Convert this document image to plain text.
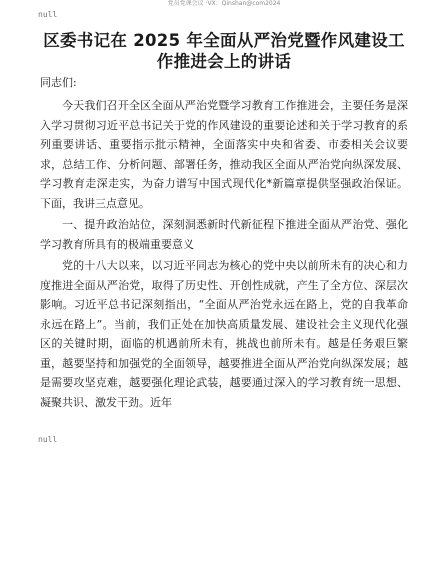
党员党课会议 ·VX：Qinshan@com2024
null
区委书记在 2025 年全面从严治党暨作风建设工作推进会上的讲话
同志们:

今天我们召开全区全面从严治党暨学习教育工作推进会，主要任务是深入学习贯彻习近平总书记关于党的作风建设的重要论述和关于学习教育的系列重要讲话、重要指示批示精神，全面落实中央和省委、市委相关会议要求，总结工作、分析问题、部署任务，推动我区全面从严治党向纵深发展、学习教育走深走实，为奋力谱写中国式现代化*新篇章提供坚强政治保证。下面，我讲三点意见。

一、提升政治站位，深刻洞悉新时代新征程下推进全面从严治党、强化学习教育所具有的极端重要意义

党的十八大以来，以习近平同志为核心的党中央以前所未有的决心和力度推进全面从严治党，取得了历史性、开创性成就，产生了全方位、深层次影响。习近平总书记深刻指出，“全面从严治党永远在路上，党的自我革命永远在路上”。当前，我们正处在加快高质量发展、建设社会主义现代化强区的关键时期，面临的机遇前所未有，挑战也前所未有。越是任务艰巨繁重，越要坚持和加强党的全面领导，越要推进全面从严治党向纵深发展；越是需要攻坚克难，越要强化理论武装，越要通过深入的学习教育统一思想、凝聚共识、激发干劲。近年

null
